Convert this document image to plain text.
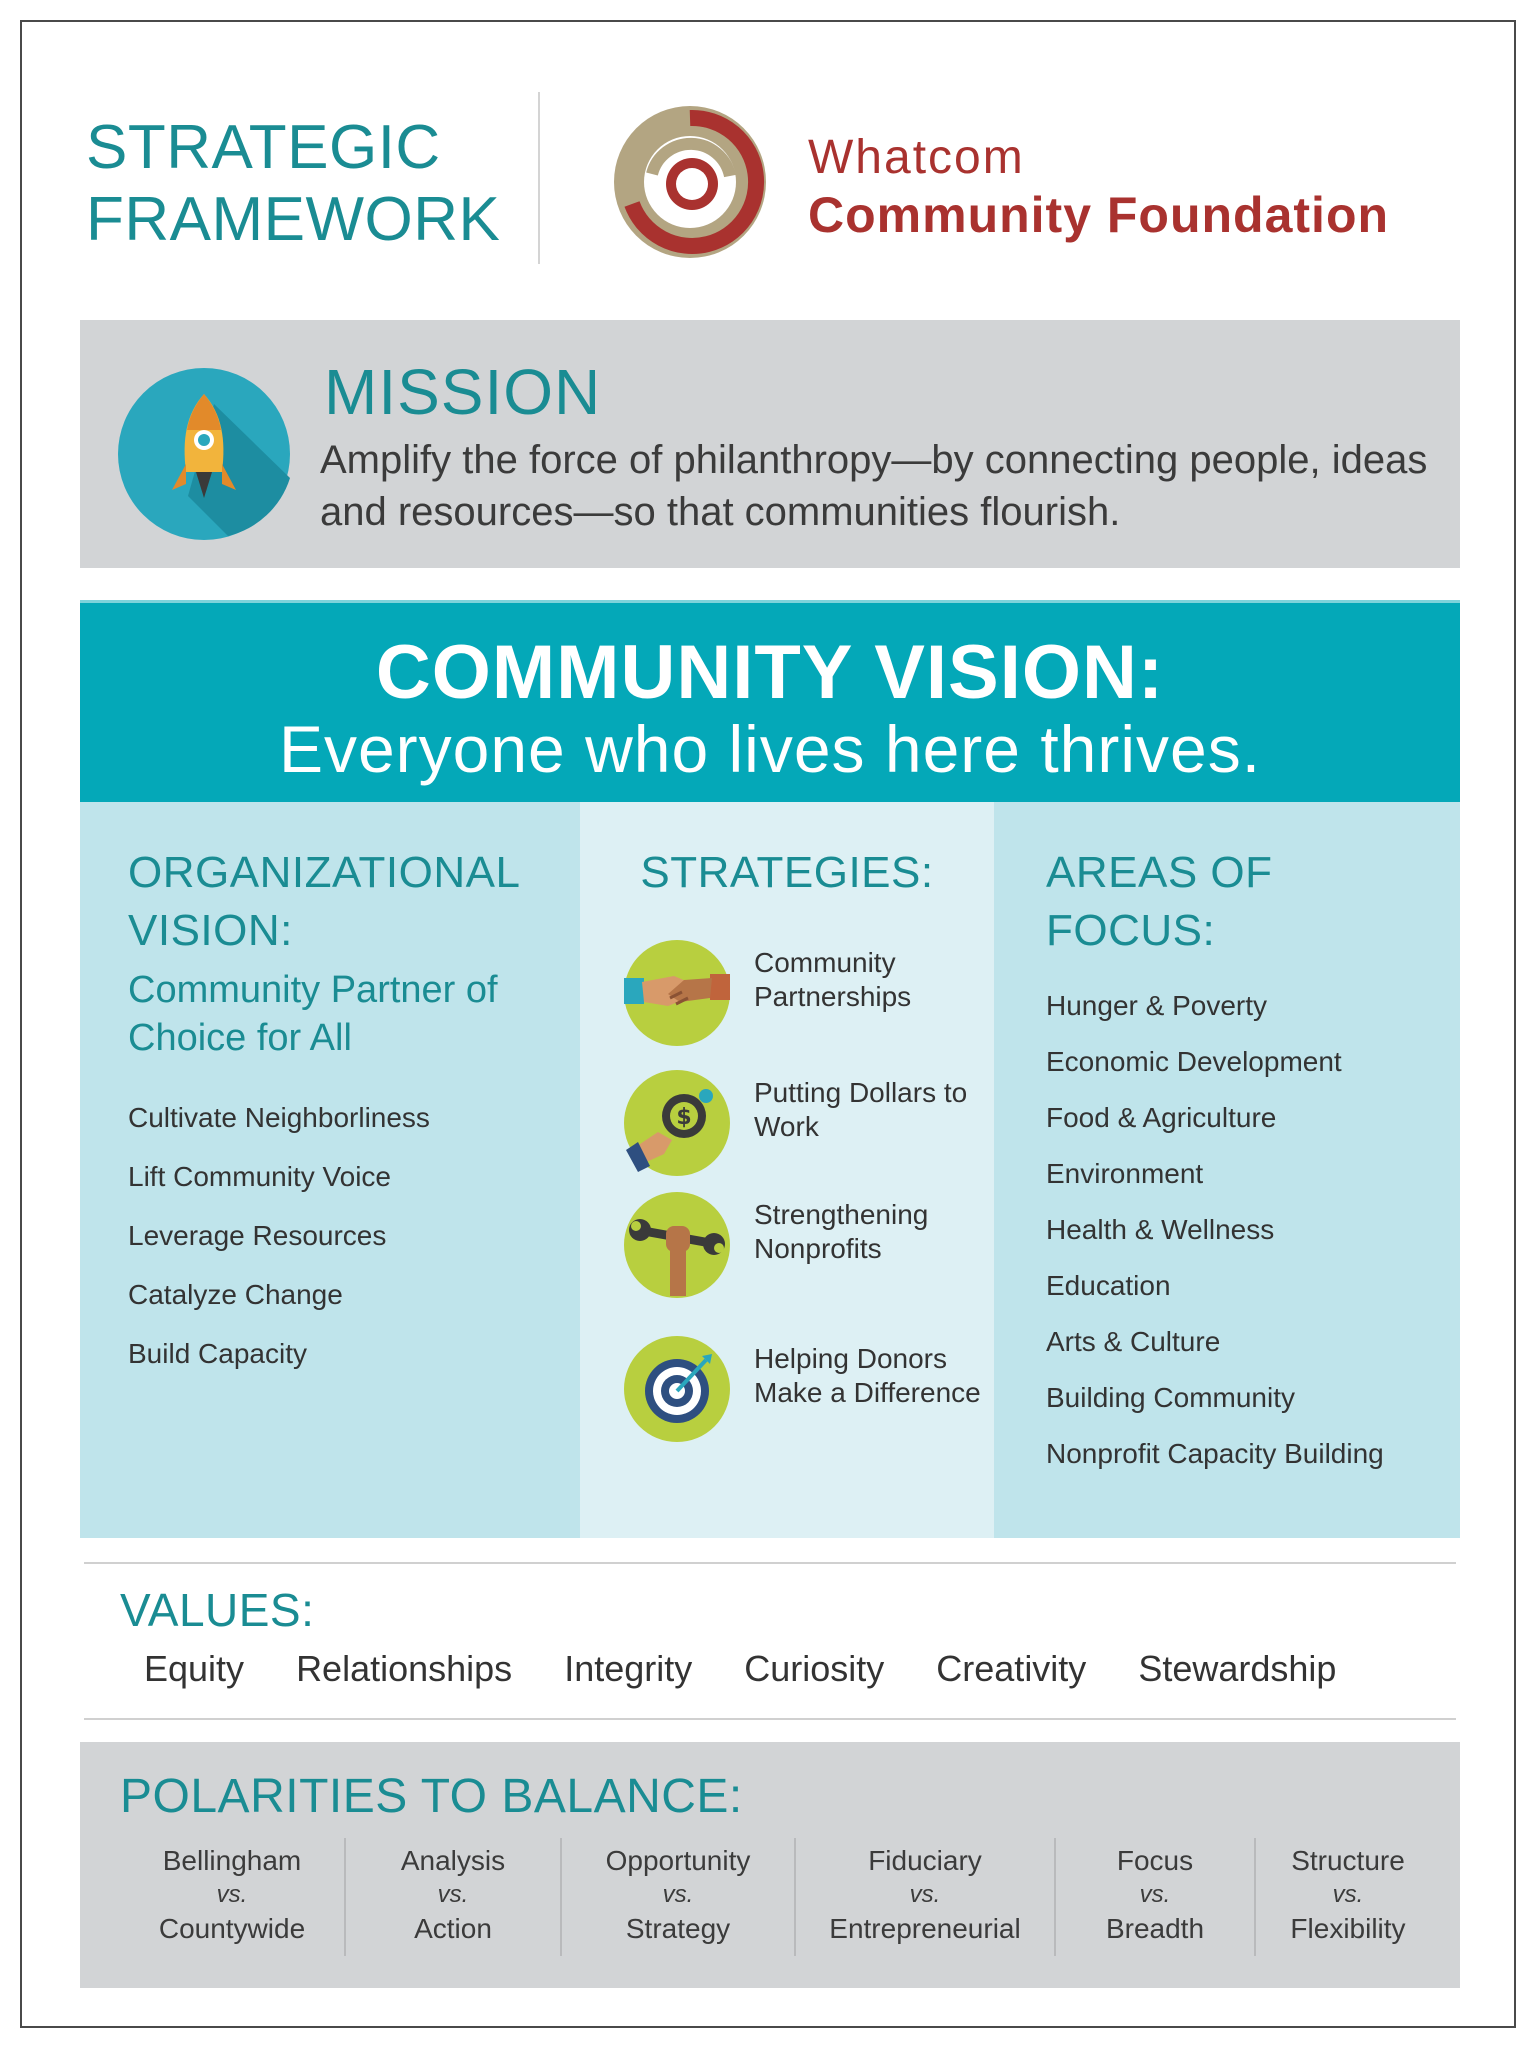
STRATEGIC
FRAMEWORK
Whatcom
Community Foundation
MISSION
Amplify the force of philanthropy—by connecting people, ideas and resources—so that communities flourish.
COMMUNITY VISION:
Everyone who lives here thrives.
ORGANIZATIONAL VISION:
Community Partner of Choice for All
Cultivate Neighborliness
Lift Community Voice
Leverage Resources
Catalyze Change
Build Capacity
STRATEGIES:
Community Partnerships
$
Putting Dollars to Work
Strengthening Nonprofits
Helping Donors Make a Difference
AREAS OF FOCUS:
Hunger & Poverty
Economic Development
Food & Agriculture
Environment
Health & Wellness
Education
Arts & Culture
Building Community
Nonprofit Capacity Building
VALUES:
Equity Relationships Integrity Curiosity Creativity Stewardship
POLARITIES TO BALANCE:
Bellingham
vs.
Countywide
Analysis
vs.
Action
Opportunity
vs.
Strategy
Fiduciary
vs.
Entrepreneurial
Focus
vs.
Breadth
Structure
vs.
Flexibility
